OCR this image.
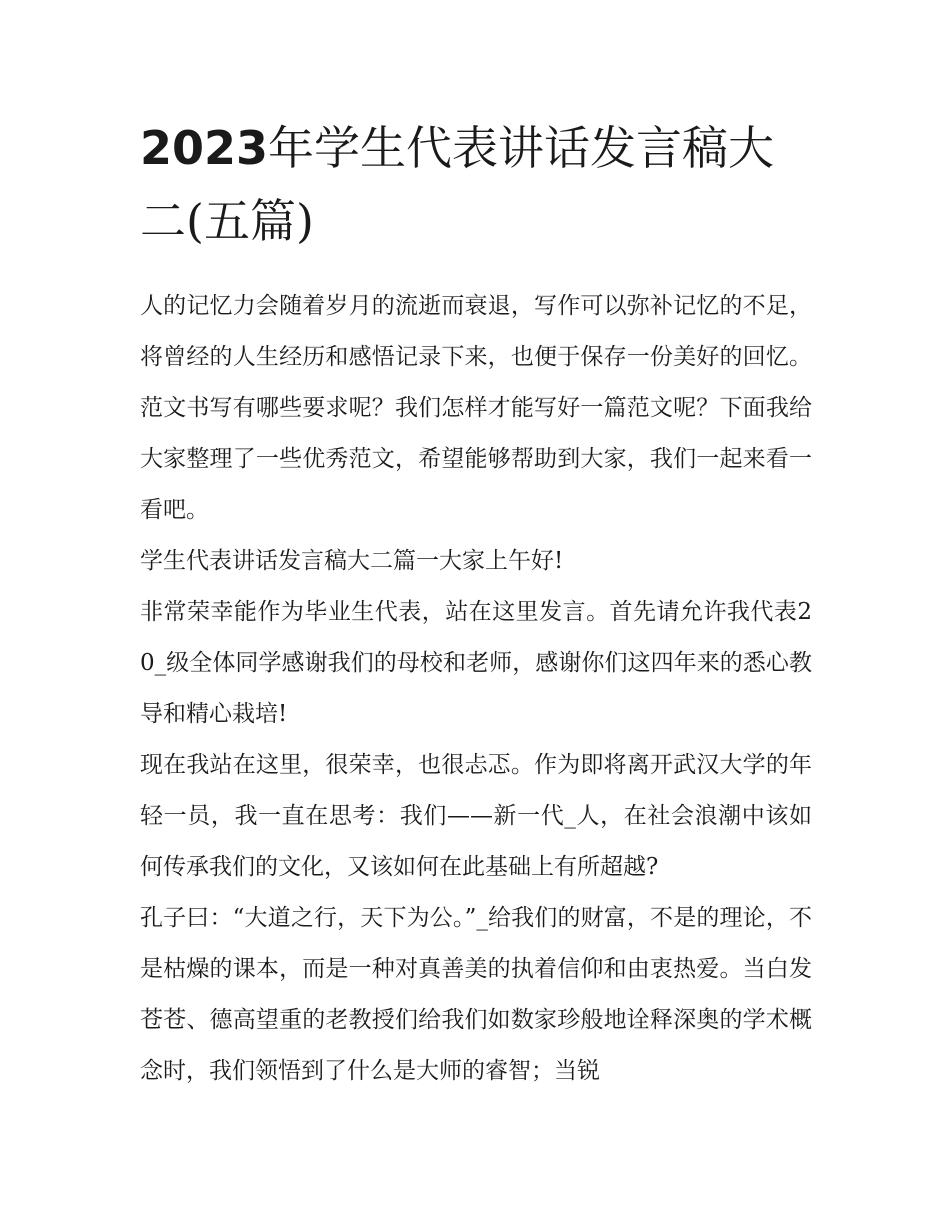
2023年学生代表讲话发言稿大二(五篇)

人的记忆力会随着岁月的流逝而衰退，写作可以弥补记忆的不足，将曾经的人生经历和感悟记录下来，也便于保存一份美好的回忆。范文书写有哪些要求呢？我们怎样才能写好一篇范文呢？下面我给大家整理了一些优秀范文，希望能够帮助到大家，我们一起来看一看吧。

学生代表讲话发言稿大二篇一大家上午好!

非常荣幸能作为毕业生代表，站在这里发言。首先请允许我代表20_级全体同学感谢我们的母校和老师，感谢你们这四年来的悉心教导和精心栽培!

现在我站在这里，很荣幸，也很忐忑。作为即将离开武汉大学的年轻一员，我一直在思考：我们——新一代_人，在社会浪潮中该如何传承我们的文化，又该如何在此基础上有所超越?

孔子曰：“大道之行，天下为公。”_给我们的财富，不是的理论，不是枯燥的课本，而是一种对真善美的执着信仰和由衷热爱。当白发苍苍、德高望重的老教授们给我们如数家珍般地诠释深奥的学术概念时，我们领悟到了什么是大师的睿智；当锐
